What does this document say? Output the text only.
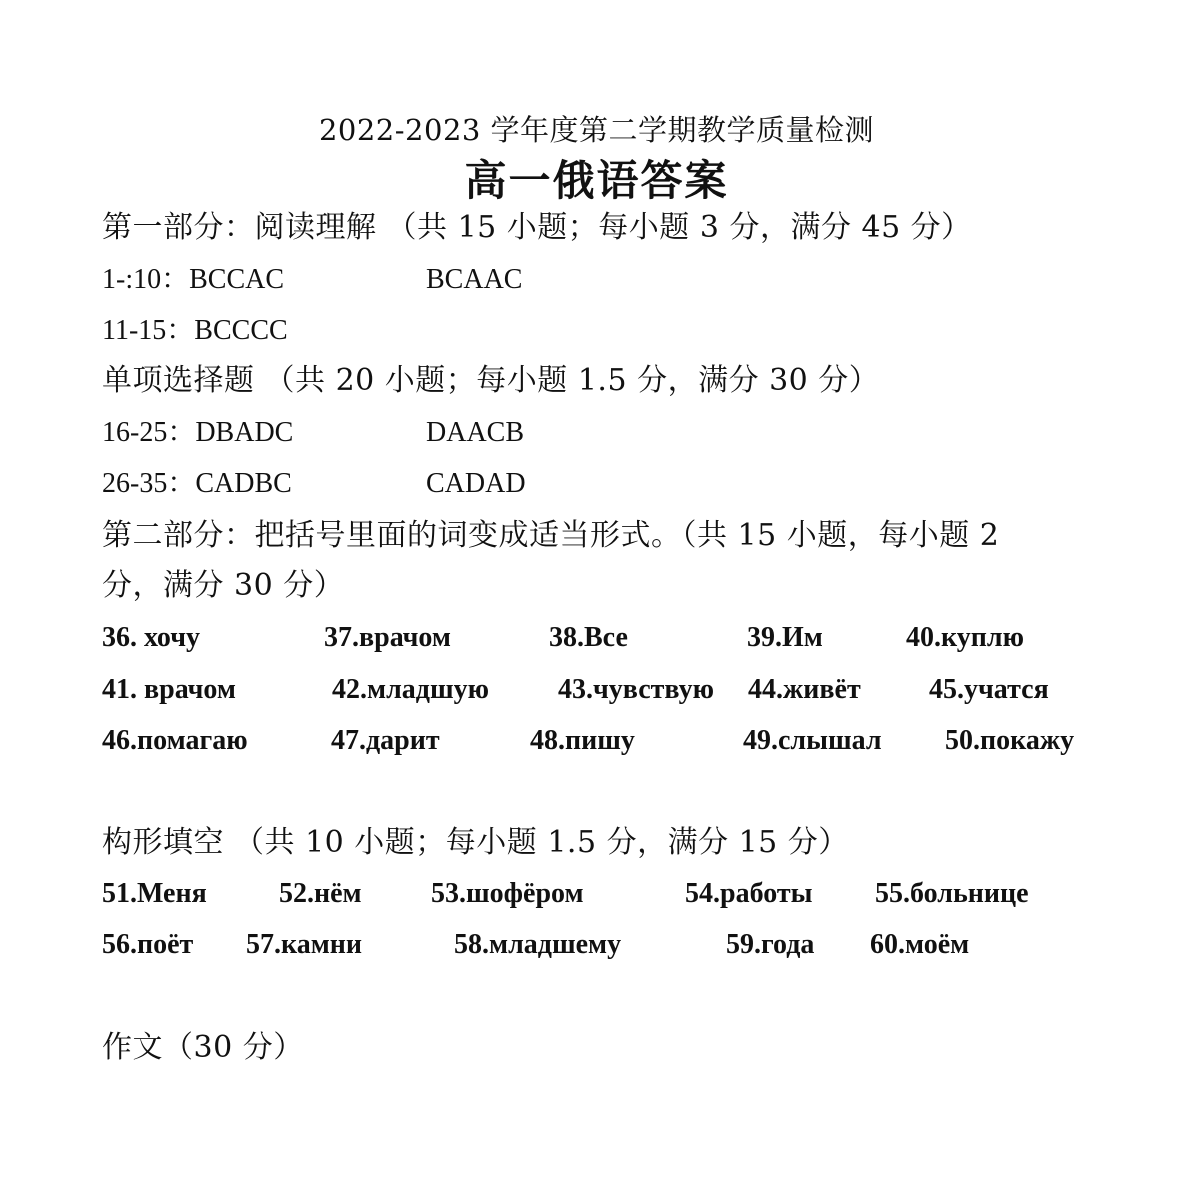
2022-2023 学年度第二学期教学质量检测
高一俄语答案
第一部分：阅读理解 （共 15 小题；每小题 3 分，满分 45 分）
1-:10：BCCAC	BCAAC
11-15：BCCCC
单项选择题 （共 20 小题；每小题 1.5 分，满分 30 分）
16-25：DBADC	DAACB
26-35：CADBC	CADAD
第二部分：把括号里面的词变成适当形式。（共 15 小题，每小题 2
分，满分 30 分）
36. хочу	37.врачом	38.Все	39.Им	40.куплю
41. врачом	42.младшую 43.чувствую 44.живёт 45.учатся
46.помагаю	47.дарит	48.пишу	49.слышал 50.покажу
构形填空 （共 10 小题；每小题 1.5 分，满分 15 分）
51.Меня	52.нём 53.шофёром	54.работы 55.больнице
56.поёт 57.камни	58.младшему	59.года 60.моём
作文（30 分）
